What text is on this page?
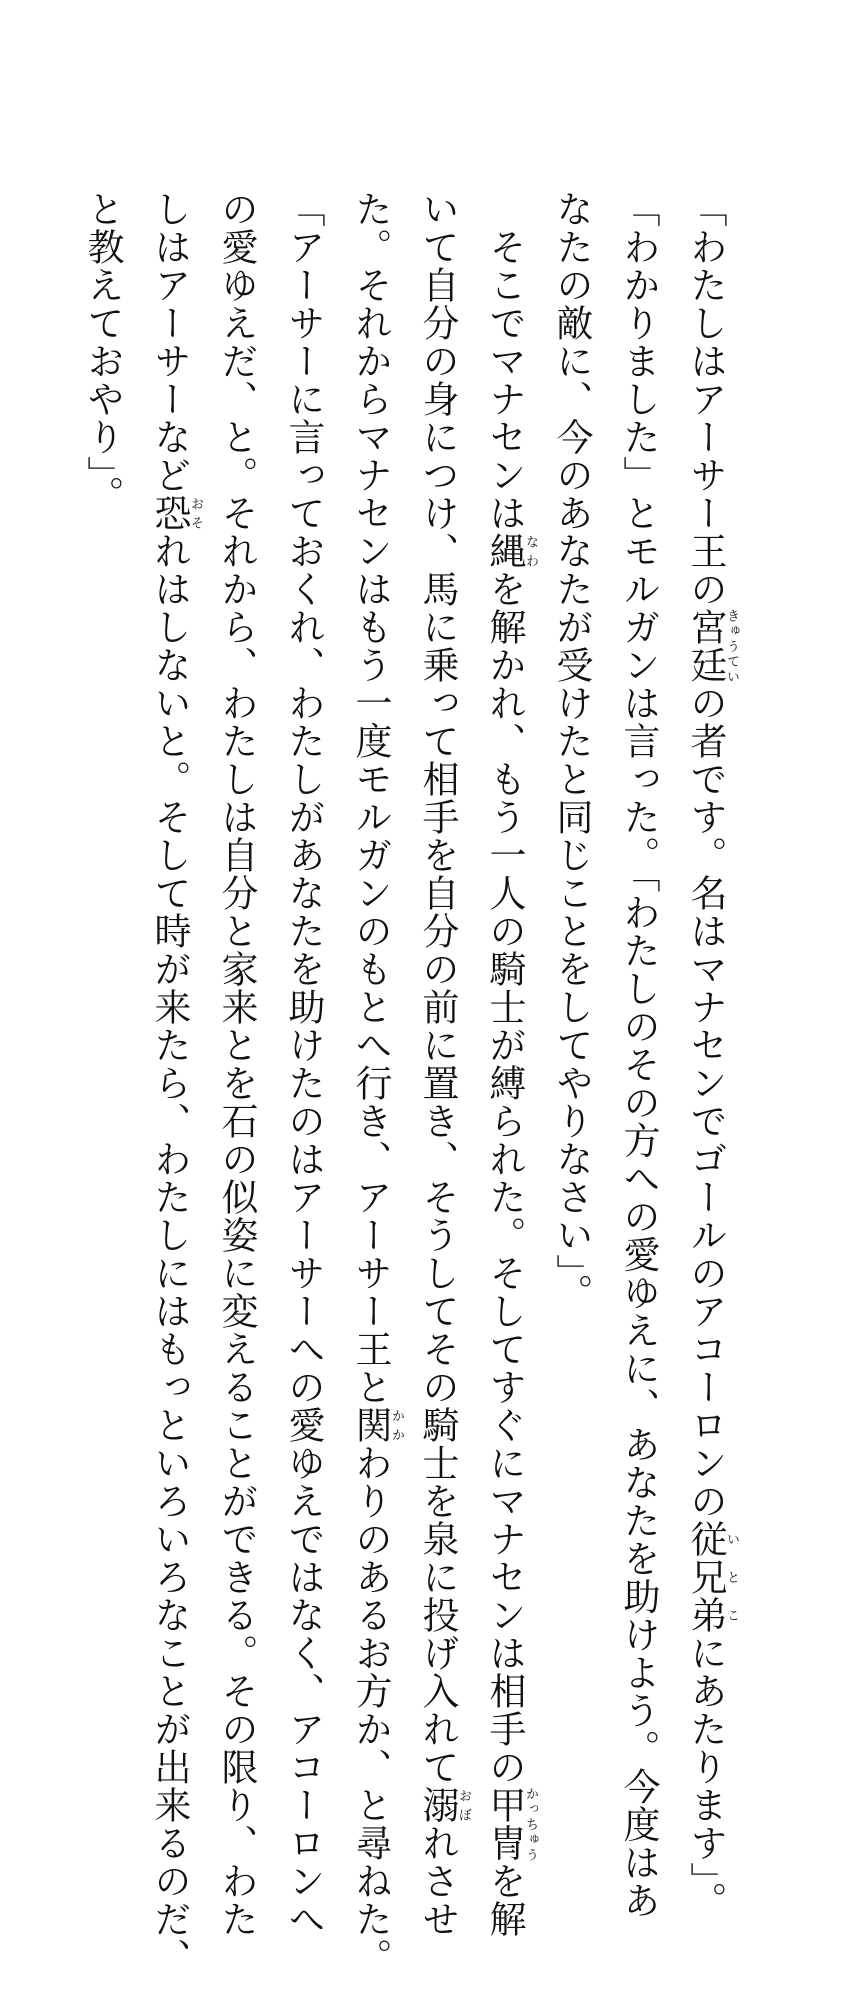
「わたしはアーサー王の宮廷きゅうていの者です。名はマナセンでゴールのアコーロンの従兄弟いとこにあたります」。
「わかりました」とモルガンは言った。「わたしのその方への愛ゆえに、あなたを助けよう。今度はあ
なたの敵に、今のあなたが受けたと同じことをしてやりなさい」。
　そこでマナセンは縄なわを解かれ、もう一人の騎士が縛られた。そしてすぐにマナセンは相手の甲冑かっちゅうを解
いて自分の身につけ、馬に乗って相手を自分の前に置き、そうしてその騎士を泉に投げ入れて溺おぼれさせ
た。それからマナセンはもう一度モルガンのもとへ行き、アーサー王と関かかわりのあるお方か、と尋ねた。
「アーサーに言っておくれ、わたしがあなたを助けたのはアーサーへの愛ゆえではなく、アコーロンへ
の愛ゆえだ、と。それから、わたしは自分と家来とを石の似姿に変えることができる。その限り、わた
しはアーサーなど恐おそれはしないと。そして時が来たら、わたしにはもっといろいろなことが出来るのだ、
と教えておやり」。
